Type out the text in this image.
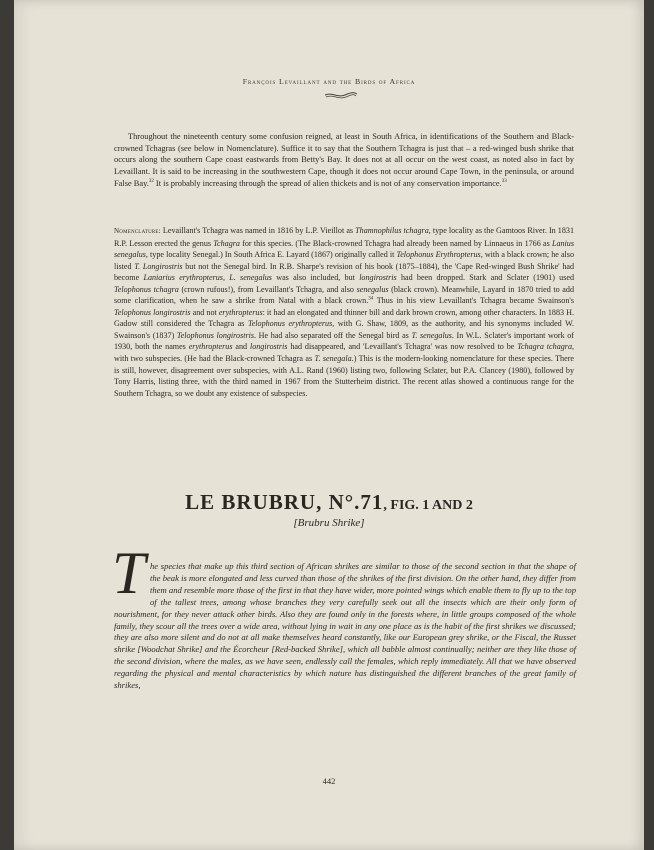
François Levaillant and the Birds of Africa

Throughout the nineteenth century some confusion reigned, at least in South Africa, in identifications of the Southern and Black-crowned Tchagras (see below in Nomenclature). Suffice it to say that the Southern Tchagra is just that – a red-winged bush shrike that occurs along the southern Cape coast eastwards from Betty's Bay. It does not at all occur on the west coast, as noted also in fact by Levaillant. It is said to be increasing in the southwestern Cape, though it does not occur around Cape Town, in the peninsula, or around False Bay.$^{32}$ It is probably increasing through the spread of alien thickets and is not of any conservation importance.$^{33}$

Nomenclature: Levaillant's Tchagra was named in 1816 by L.P. Vieillot as Thamnophilus tchagra, type locality as the Gamtoos River. In 1831 R.P. Lesson erected the genus Tchagra for this species. (The Black-crowned Tchagra had already been named by Linnaeus in 1766 as Lanius senegalus, type locality Senegal.) In South Africa E. Layard (1867) originally called it Telophonus Erythropterus, with a black crown; he also listed T. Longirostris but not the Senegal bird. In R.B. Sharpe's revision of his book (1875–1884), the 'Cape Red-winged Bush Shrike' had become Laniarius erythropterus, L. senegalus was also included, but longirostris had been dropped. Stark and Sclater (1901) used Telophonus tchagra (crown rufous!), from Levaillant's Tchagra, and also senegalus (black crown). Meanwhile, Layard in 1870 tried to add some clarification, when he saw a shrike from Natal with a black crown.$^{34}$ Thus in his view Levaillant's Tchagra became Swainson's Telophonus longirostris and not erythropterus: it had an elongated and thinner bill and dark brown crown, among other characters. In 1883 H. Gadow still considered the Tchagra as Telophonus erythropterus, with G. Shaw, 1809, as the authority, and his synonyms included W. Swainson's (1837) Telophonus longirostris. He had also separated off the Senegal bird as T. senegalus. In W.L. Sclater's important work of 1930, both the names erythropterus and longirostris had disappeared, and 'Levaillant's Tchagra' was now resolved to be Tchagra tchagra, with two subspecies. (He had the Black-crowned Tchagra as T. senegala.) This is the modern-looking nomenclature for these species. There is still, however, disagreement over subspecies, with A.L. Rand (1960) listing two, following Sclater, but P.A. Clancey (1980), followed by Tony Harris, listing three, with the third named in 1967 from the Stutterheim district. The recent atlas showed a continuous range for the Southern Tchagra, so we doubt any existence of subspecies.

LE BRUBRU, N°.71, FIG. 1 AND 2
[Brubru Shrike]
T he species that make up this third section of African shrikes are similar to those of the second section in that the shape of the beak is more elongated and less curved than those of the shrikes of the first division. On the other hand, they differ from them and resemble more those of the first in that they have wider, more pointed wings which enable them to fly up to the top of the tallest trees, among whose branches they very carefully seek out all the insects which are their only form of nourishment, for they never attack other birds. Also they are found only in the forests where, in little groups composed of the whole family, they scour all the trees over a wide area, without lying in wait in any one place as is the habit of the first shrikes we discussed; they are also more silent and do not at all make themselves heard constantly, like our European grey shrike, or the Fiscal, the Russet shrike [Woodchat Shrike] and the Écorcheur [Red-backed Shrike], which all babble almost continually; neither are they like those of the second division, where the males, as we have seen, endlessly call the females, which reply immediately. All that we have observed regarding the physical and mental characteristics by which nature has distinguished the different branches of the great family of shrikes,

442
